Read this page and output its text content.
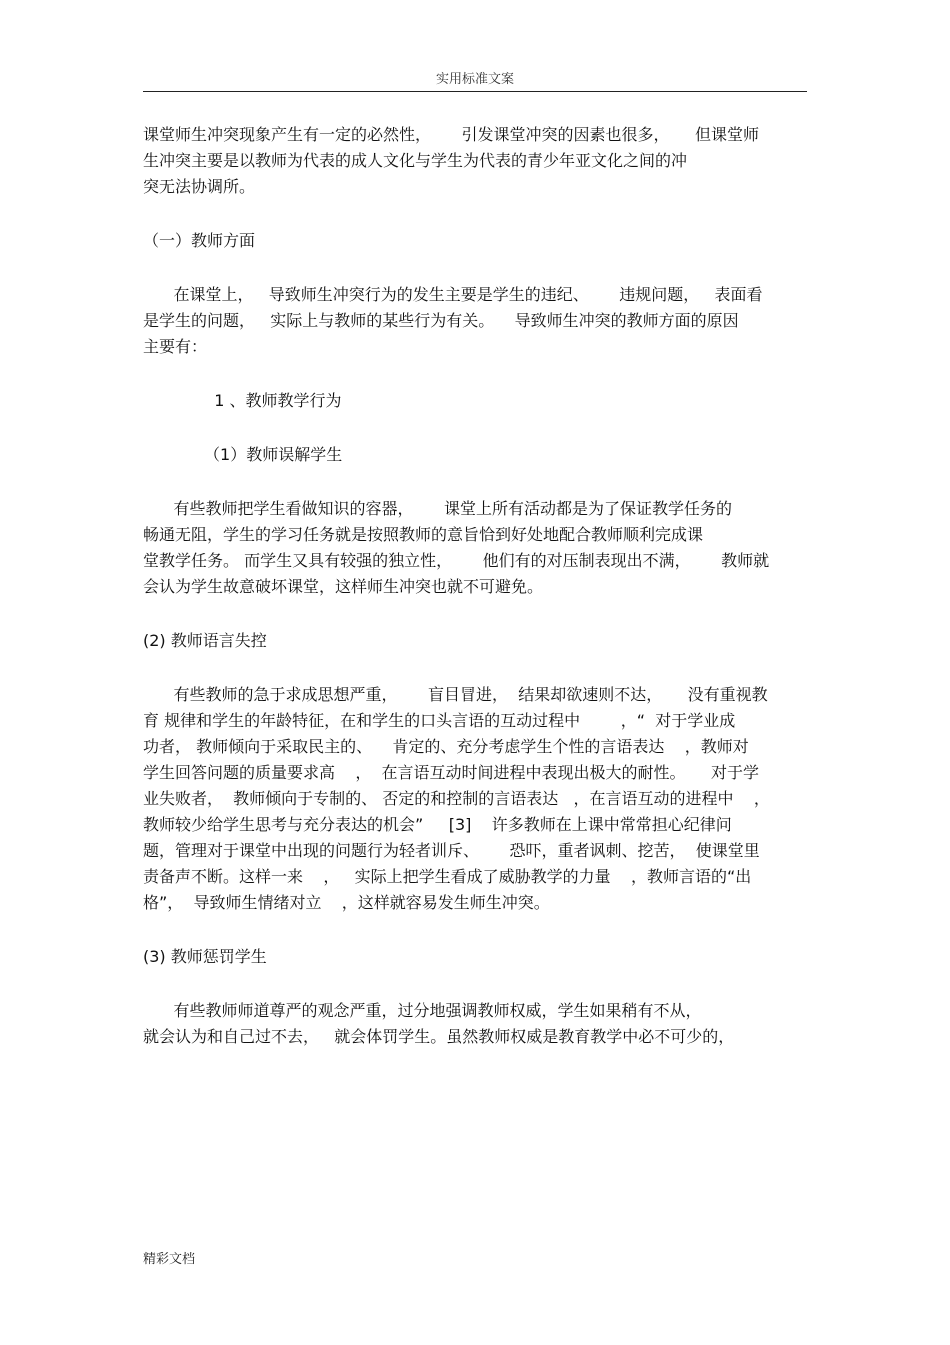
实用标准文案
课堂师生冲突现象产生有一定的必然性，      引发课堂冲突的因素也很多，     但课堂师
生冲突主要是以教师为代表的成人文化与学生为代表的青少年亚文化之间的冲
突无法协调所。
（一）教师方面
在课堂上，   导致师生冲突行为的发生主要是学生的违纪、      违规问题，   表面看
是学生的问题，   实际上与教师的某些行为有关。    导致师生冲突的教师方面的原因
主要有：
1 、教师教学行为
（1）教师误解学生
有些教师把学生看做知识的容器，      课堂上所有活动都是为了保证教学任务的
畅通无阻，学生的学习任务就是按照教师的意旨恰到好处地配合教师顺利完成课
堂教学任务。 而学生又具有较强的独立性，      他们有的对压制表现出不满，      教师就
会认为学生故意破坏课堂，这样师生冲突也就不可避免。
(2) 教师语言失控
有些教师的急于求成思想严重，      盲目冒进，  结果却欲速则不达，     没有重视教
育 规律和学生的年龄特征，在和学生的口头言语的互动过程中        ，“  对于学业成
功者， 教师倾向于采取民主的、    肯定的、充分考虑学生个性的言语表达    ，教师对
学生回答问题的质量要求高    ，  在言语互动时间进程中表现出极大的耐性。     对于学
业失败者，  教师倾向于专制的、 否定的和控制的言语表达   ，在言语互动的进程中    ，
教师较少给学生思考与充分表达的机会”     [3]    许多教师在上课中常常担心纪律问
题，管理对于课堂中出现的问题行为轻者训斥、      恐吓，重者讽刺、挖苦，  使课堂里
责备声不断。这样一来    ，   实际上把学生看成了威胁教学的力量    ，教师言语的“出
格”，  导致师生情绪对立    ，这样就容易发生师生冲突。
(3) 教师惩罚学生
有些教师师道尊严的观念严重，过分地强调教师权威，学生如果稍有不从，
就会认为和自己过不去，   就会体罚学生。虽然教师权威是教育教学中必不可少的，
精彩文档
